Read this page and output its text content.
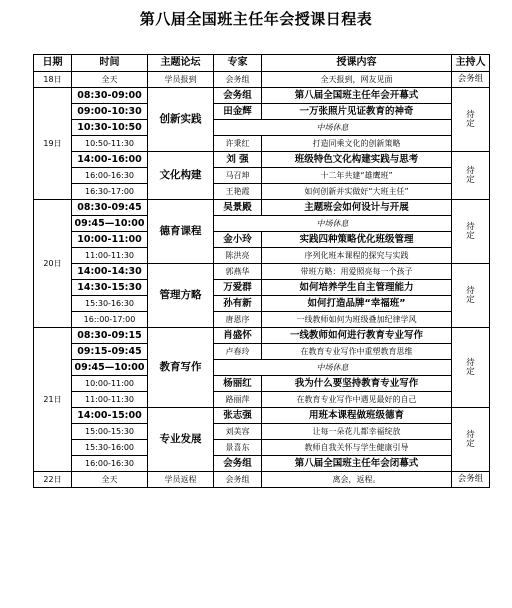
第八届全国班主任年会授课日程表
日期	时间	主题论坛	专家	授课内容	主持人
18日	全天	学员报到	会务组	全天报到，网友见面	会务组
19日	08:30-09:00	创新实践	会务组	第八届全国班主任年会开幕式	待
定
	09:00-10:30		田金辉	一万张照片见证教育的神奇	
	10:30-10:50		中场休息		
	10:50-11:30		许秉红	打造同乘文化的创新策略	
	14:00-16:00	文化构建	刘 强	班级特色文化构建实践与思考	待
定
	16:00-16:30		马召坤	十二年共建“雄鹰班”	
	16:30-17:00		王艳霞	如何创新并实做好“大班主任”	
20日	08:30-09:45	德育课程	吴景殿	主题班会如何设计与开展	待
定
	09:45—10:00		中场休息		
	10:00-11:00		金小玲	实践四种策略优化班级管理	
	11:00-11:30		陈洪亮	序列化班本课程的探究与实践	
	14:00-14:30	管理方略	郭燕华	带班方略：用爱照亮每一个孩子	待
定
	14:30-15:30		万爱群	如何培养学生自主管理能力	
	15:30-16:30		孙有新	如何打造品牌“幸福班”	
	16::00-17:00		唐恩序	一线教师如何为班级叠加纪律学风	
21日	08:30-09:15	教育写作	肖盛怀	一线教师如何进行教育专业写作	待
定
	09:15-09:45		卢春玲	在教育专业写作中重塑教育思维	
	09:45—10:00		中场休息		
	10:00-11:00		杨丽红	我为什么要坚持教育专业写作	
	11:00-11:30		路丽萍	在教育专业写作中遇见最好的自己	
	14:00-15:00	专业发展	张志强	用班本课程做班级德育	待
定
	15:00-15:30		刘美容	让每一朵花儿都幸福绽放	
	15:30-16:00		景喜东	教师自我关怀与学生健康引导	
	16:00-16:30		会务组	第八届全国班主任年会闭幕式	
22日	全天	学员返程	会务组	离会，返程。	会务组
